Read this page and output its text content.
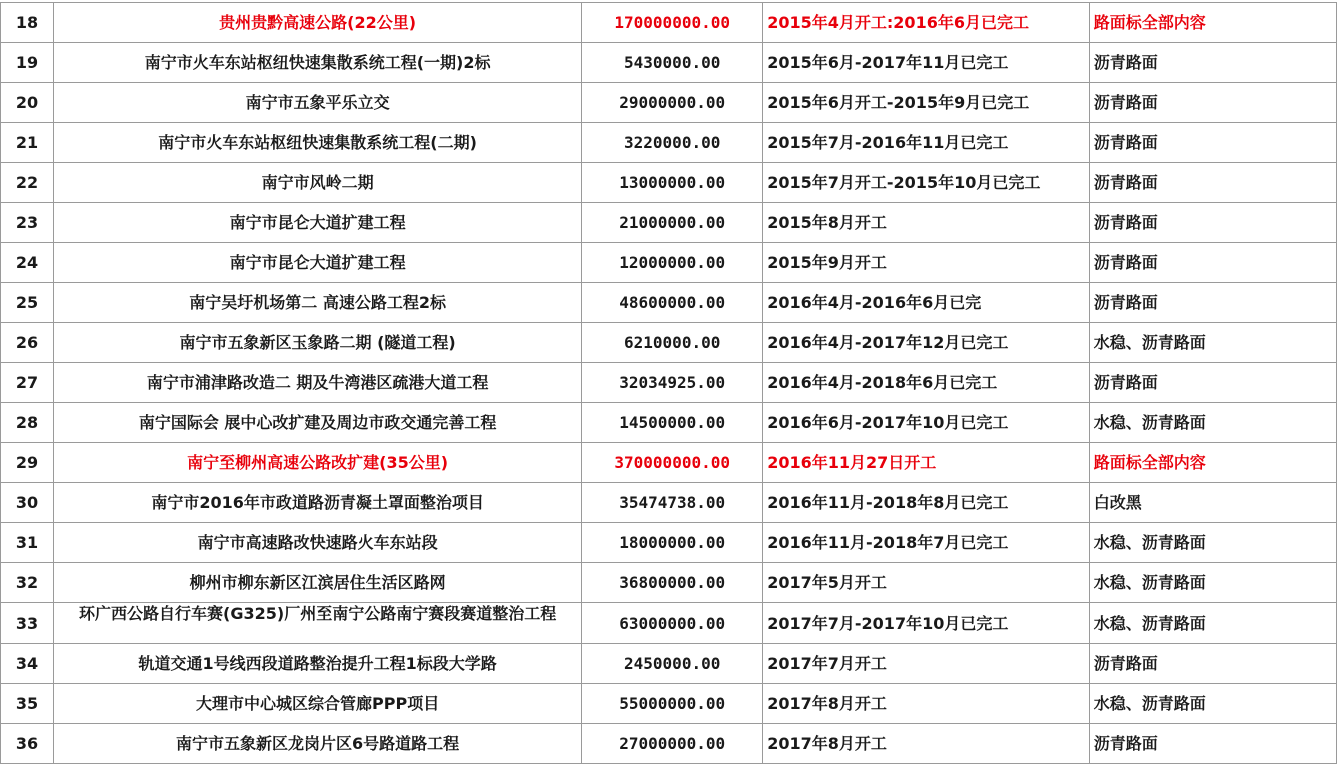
18	贵州贵黔高速公路(22公里)	170000000.00	2015年4月开工:2016年6月已完工	路面标全部内容
19	南宁市火车东站枢纽快速集散系统工程(一期)2标	5430000.00	2015年6月-2017年11月已完工	沥青路面
20	南宁市五象平乐立交	29000000.00	2015年6月开工-2015年9月已完工	沥青路面
21	南宁市火车东站枢纽快速集散系统工程(二期)	3220000.00	2015年7月-2016年11月已完工	沥青路面
22	南宁市风岭二期	13000000.00	2015年7月开工-2015年10月已完工	沥青路面
23	南宁市昆仑大道扩建工程	21000000.00	2015年8月开工	沥青路面
24	南宁市昆仑大道扩建工程	12000000.00	2015年9月开工	沥青路面
25	南宁吴圩机场第二 高速公路工程2标	48600000.00	2016年4月-2016年6月已完	沥青路面
26	南宁市五象新区玉象路二期 (隧道工程)	6210000.00	2016年4月-2017年12月已完工	水稳、沥青路面
27	南宁市浦津路改造二 期及牛湾港区疏港大道工程	32034925.00	2016年4月-2018年6月已完工	沥青路面
28	南宁国际会 展中心改扩建及周边市政交通完善工程	14500000.00	2016年6月-2017年10月已完工	水稳、沥青路面
29	南宁至柳州高速公路改扩建(35公里)	370000000.00	2016年11月27日开工	路面标全部内容
30	南宁市2016年市政道路沥青凝土罩面整治项目	35474738.00	2016年11月-2018年8月已完工	白改黑
31	南宁市高速路改快速路火车东站段	18000000.00	2016年11月-2018年7月已完工	水稳、沥青路面
32	柳州市柳东新区江滨居住生活区路网	36800000.00	2017年5月开工	水稳、沥青路面
33	环广西公路自行车赛(G325)厂州至南宁公路南宁赛段赛道整治工程	63000000.00	2017年7月-2017年10月已完工	水稳、沥青路面
34	轨道交通1号线西段道路整治提升工程1标段大学路	2450000.00	2017年7月开工	沥青路面
35	大理市中心城区综合管廊PPP项目	55000000.00	2017年8月开工	水稳、沥青路面
36	南宁市五象新区龙岗片区6号路道路工程	27000000.00	2017年8月开工	沥青路面
